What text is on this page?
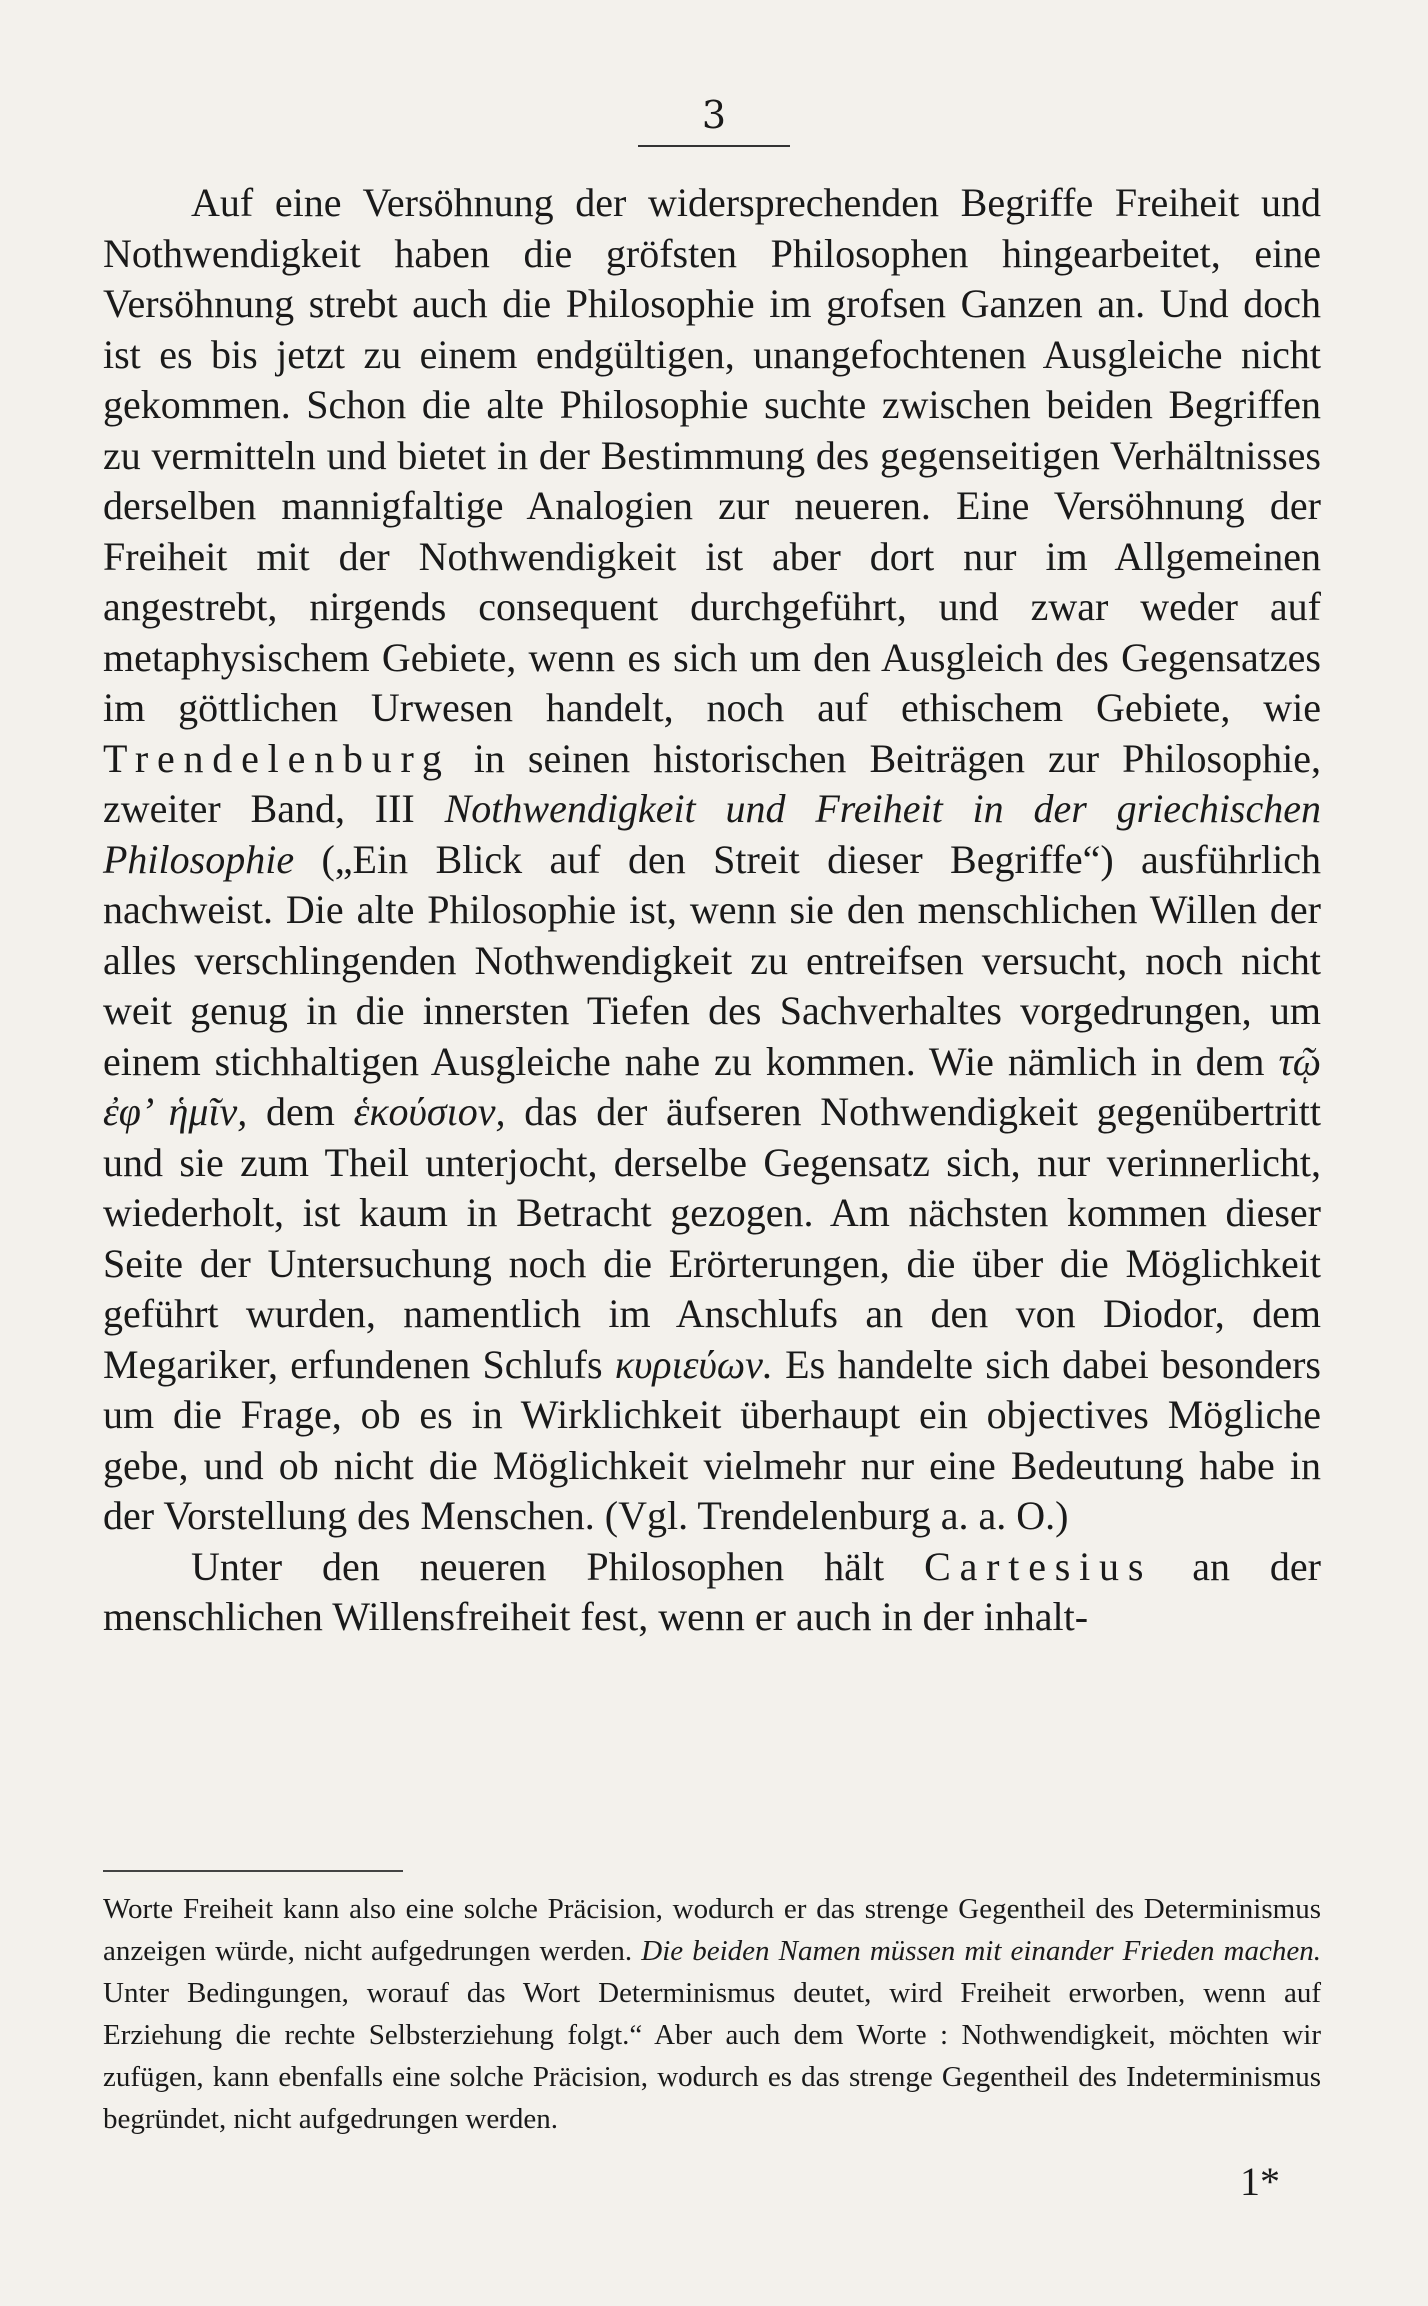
3

Auf eine Versöhnung der widersprechenden Begriffe Freiheit und Nothwendigkeit haben die gröfsten Philosophen hingearbeitet, eine Versöhnung strebt auch die Philosophie im grofsen Ganzen an. Und doch ist es bis jetzt zu einem endgültigen, unangefochtenen Ausgleiche nicht gekommen. Schon die alte Philosophie suchte zwischen beiden Begriffen zu vermitteln und bietet in der Bestimmung des gegenseitigen Verhältnisses derselben mannigfaltige Analogien zur neueren. Eine Versöhnung der Freiheit mit der Nothwendigkeit ist aber dort nur im Allgemeinen angestrebt, nirgends consequent durchgeführt, und zwar weder auf metaphysischem Gebiete, wenn es sich um den Ausgleich des Gegensatzes im göttlichen Urwesen handelt, noch auf ethischem Gebiete, wie Trendelenburg in seinen historischen Beiträgen zur Philosophie, zweiter Band, III Nothwendigkeit und Freiheit in der griechischen Philosophie („Ein Blick auf den Streit dieser Begriffe“) ausführlich nachweist. Die alte Philosophie ist, wenn sie den menschlichen Willen der alles verschlingenden Nothwendigkeit zu entreifsen versucht, noch nicht weit genug in die innersten Tiefen des Sachverhaltes vorgedrungen, um einem stichhaltigen Ausgleiche nahe zu kommen. Wie nämlich in dem τῷ ἐφ’ ἡμῖν, dem ἑκούσιον, das der äufseren Nothwendigkeit gegenübertritt und sie zum Theil unterjocht, derselbe Gegensatz sich, nur verinnerlicht, wiederholt, ist kaum in Betracht gezogen. Am nächsten kommen dieser Seite der Untersuchung noch die Erörterungen, die über die Möglichkeit geführt wurden, namentlich im Anschlufs an den von Diodor, dem Megariker, erfundenen Schlufs κυριεύων. Es handelte sich dabei besonders um die Frage, ob es in Wirklichkeit überhaupt ein objectives Mögliche gebe, und ob nicht die Möglichkeit vielmehr nur eine Bedeutung habe in der Vorstellung des Menschen. (Vgl. Trendelenburg a. a. O.)

Unter den neueren Philosophen hält Cartesius an der menschlichen Willensfreiheit fest, wenn er auch in der inhalt-

Worte Freiheit kann also eine solche Präcision, wodurch er das strenge Gegentheil des Determinismus anzeigen würde, nicht aufgedrungen werden. Die beiden Namen müssen mit einander Frieden machen. Unter Bedingungen, worauf das Wort Determinismus deutet, wird Freiheit erworben, wenn auf Erziehung die rechte Selbsterziehung folgt.“ Aber auch dem Worte : Nothwendigkeit, möchten wir zufügen, kann ebenfalls eine solche Präcision, wodurch es das strenge Gegentheil des Indeterminismus begründet, nicht aufgedrungen werden.

1*
